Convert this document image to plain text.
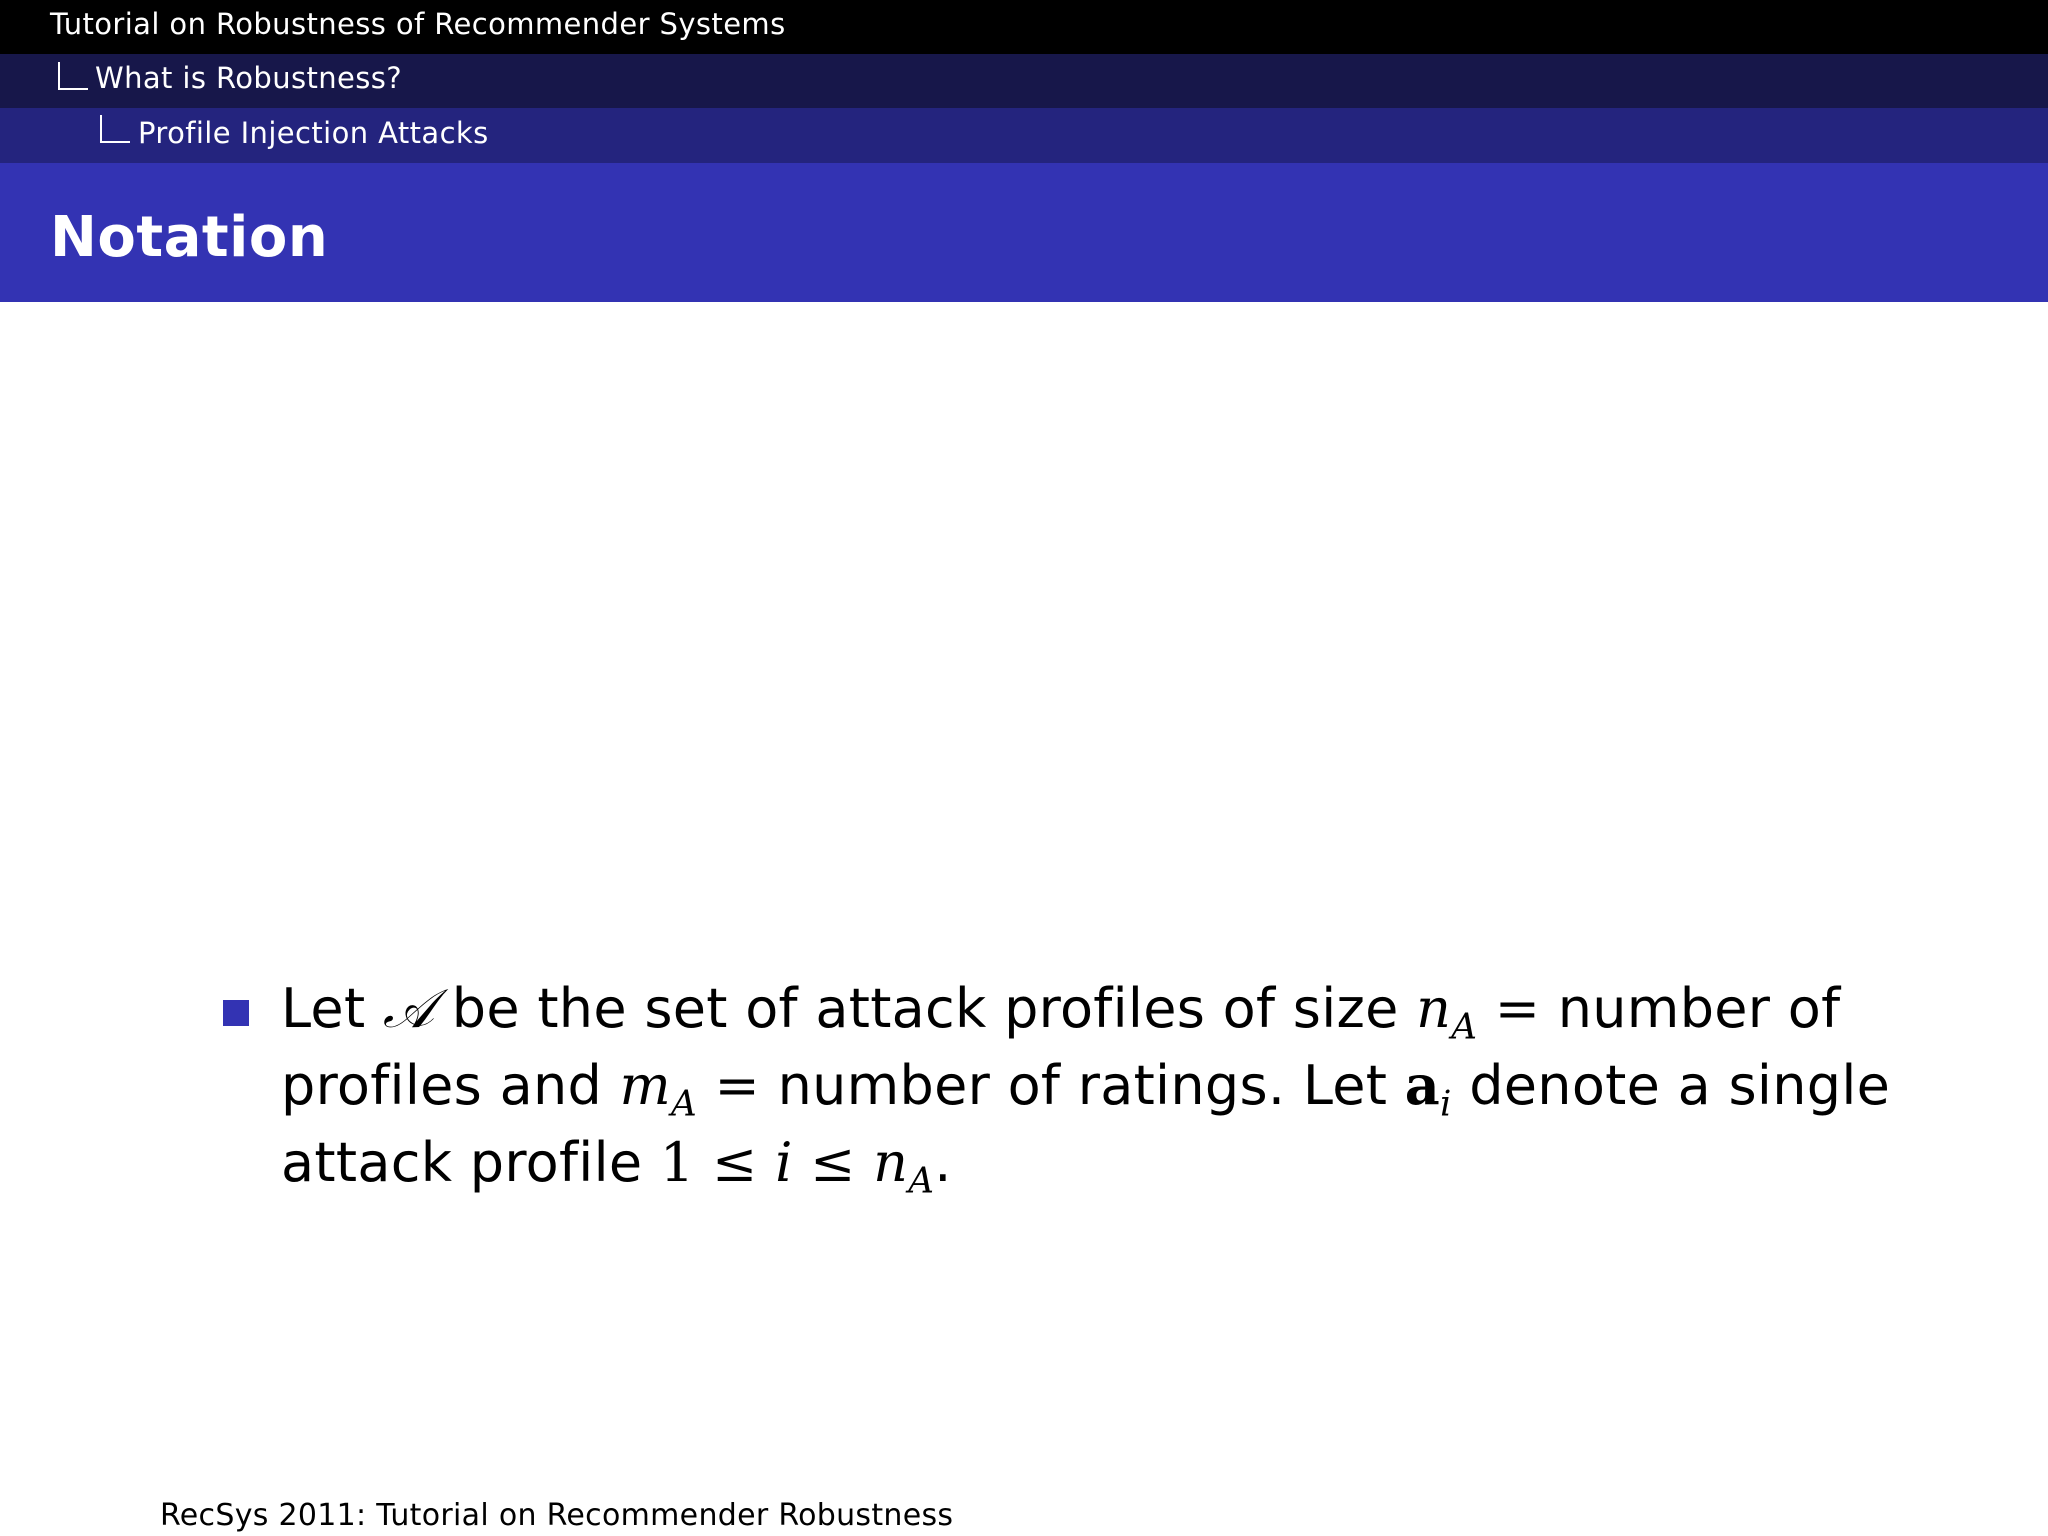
Tutorial on Robustness of Recommender Systems
What is Robustness?
Profile Injection Attacks
Notation
Let 𝒜 be the set of attack profiles of size $n_A$ = number of
profiles and $m_A$ = number of ratings. Let $a_i$ denote a single
attack profile $1 \le i \le n_A$.
RecSys 2011: Tutorial on Recommender Robustness
